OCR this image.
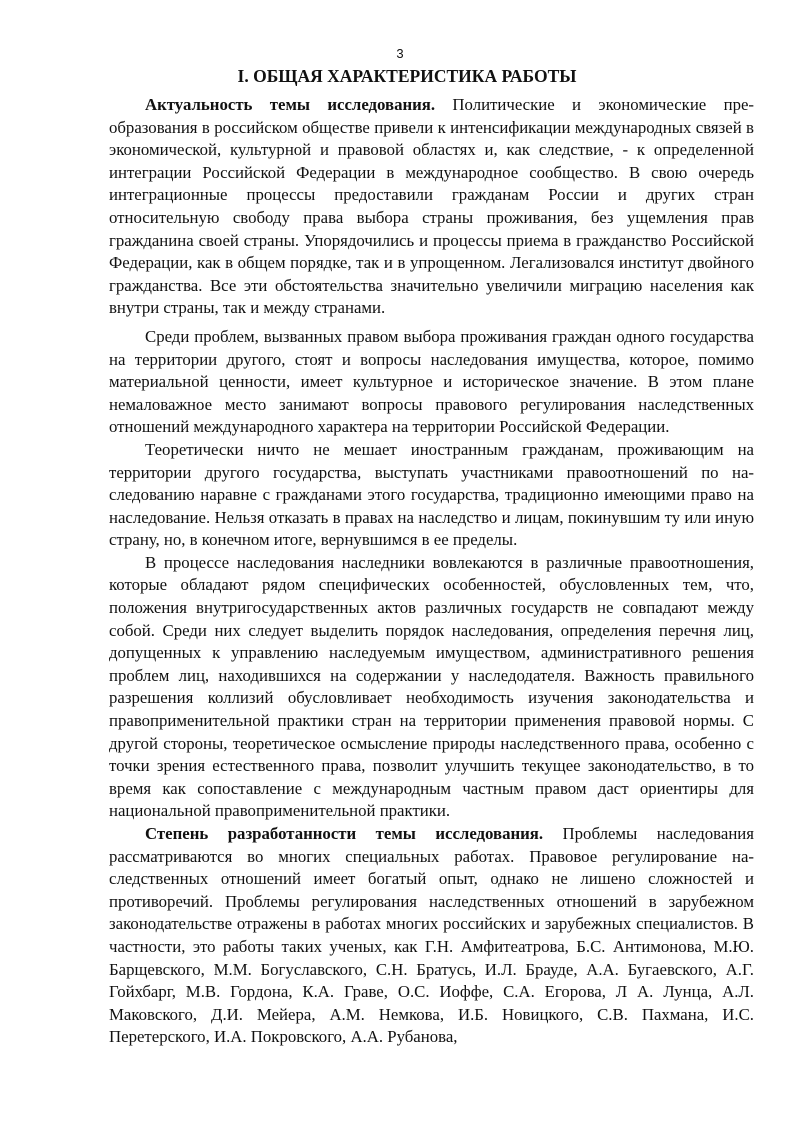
3
I. ОБЩАЯ ХАРАКТЕРИСТИКА РАБОТЫ

Актуальность темы исследования. Политические и экономические преобразования в российском обществе привели к интенсификации международных связей в экономической, культурной и правовой областях и, как следствие, - к определенной интеграции Российской Федерации в международное сообщество. В свою очередь интеграционные процессы предоставили гражданам России и других стран относительную свободу права выбора страны проживания, без ущемления прав гражданина своей страны. Упорядочились и процессы приема в гражданство Российской Федерации, как в общем порядке, так и в упрощенном. Легализовался институт двойного гражданства. Все эти обстоятельства значительно увеличили миграцию населения как внутри страны, так и между странами.

Среди проблем, вызванных правом выбора проживания граждан одного государства на территории другого, стоят и вопросы наследования имущества, которое, помимо материальной ценности, имеет культурное и историческое значение. В этом плане немаловажное место занимают вопросы правового регулирования наследственных отношений международного характера на территории Российской Федерации.

Теоретически ничто не мешает иностранным гражданам, проживающим на территории другого государства, выступать участниками правоотношений по наследованию наравне с гражданами этого государства, традиционно имеющими право на наследование. Нельзя отказать в правах на наследство и лицам, покинувшим ту или иную страну, но, в конечном итоге, вернувшимся в ее пределы.

В процессе наследования наследники вовлекаются в различные правоотношения, которые обладают рядом специфических особенностей, обусловленных тем, что, положения внутригосударственных актов различных государств не совпадают между собой. Среди них следует выделить порядок наследования, определения перечня лиц, допущенных к управлению наследуемым имуществом, административного решения проблем лиц, находившихся на содержании у наследодателя. Важность правильного разрешения коллизий обусловливает необходимость изучения законодательства и правоприменительной практики стран на территории применения правовой нормы. С другой стороны, теоретическое осмысление природы наследственного права, особенно с точки зрения естественного права, позволит улучшить текущее законодательство, в то время как сопоставление с международным частным правом даст ориентиры для национальной правоприменительной практики.

Степень разработанности темы исследования. Проблемы наследования рассматриваются во многих специальных работах. Правовое регулирование наследственных отношений имеет богатый опыт, однако не лишено сложностей и противоречий. Проблемы регулирования наследственных отношений в зарубежном законодательстве отражены в работах многих российских и зарубежных специалистов. В частности, это работы таких ученых, как Г.Н. Амфитеатрова, Б.С. Антимонова, М.Ю. Барщевского, М.М. Богуславского, С.Н. Братусь, И.Л. Брауде, А.А. Бугаевского, А.Г. Гойхбарг, М.В. Гордона, К.А. Граве, О.С. Иоффе, С.А. Егорова, Л А. Лунца, А.Л. Маковского, Д.И. Мейера, А.М. Немкова, И.Б. Новицкого, С.В. Пахмана, И.С. Перетерского, И.А. Покровского, А.А. Рубанова,
